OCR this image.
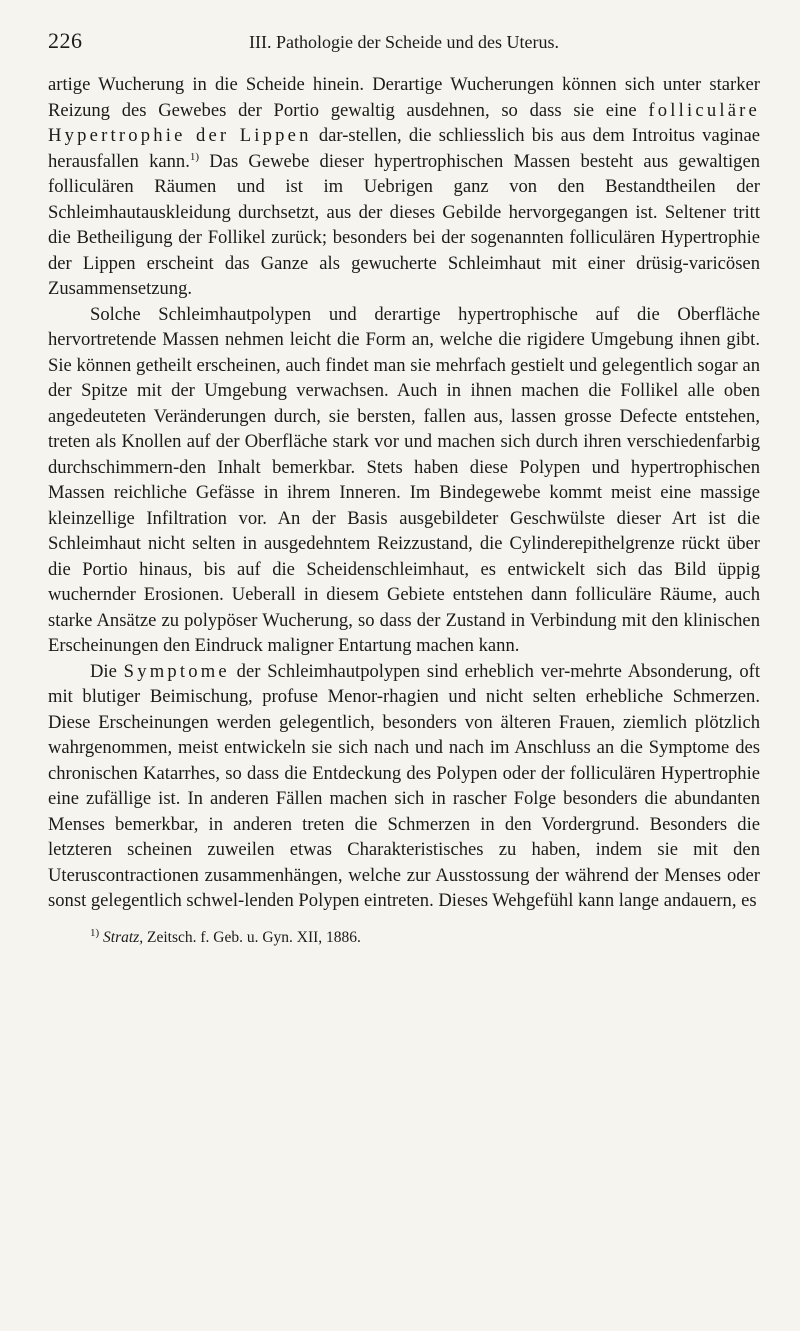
226	III. Pathologie der Scheide und des Uterus.

artige Wucherung in die Scheide hinein. Derartige Wucherungen können sich unter starker Reizung des Gewebes der Portio gewaltig ausdehnen, so dass sie eine folliculäre Hypertrophie der Lippen dar-stellen, die schliesslich bis aus dem Introitus vaginae herausfallen kann.$^{1)}$ Das Gewebe dieser hypertrophischen Massen besteht aus gewaltigen folliculären Räumen und ist im Uebrigen ganz von den Bestandtheilen der Schleimhautauskleidung durchsetzt, aus der dieses Gebilde hervorgegangen ist. Seltener tritt die Betheiligung der Follikel zurück; besonders bei der sogenannten folliculären Hypertrophie der Lippen erscheint das Ganze als gewucherte Schleimhaut mit einer drüsig-varicösen Zusammensetzung.

Solche Schleimhautpolypen und derartige hypertrophische auf die Oberfläche hervortretende Massen nehmen leicht die Form an, welche die rigidere Umgebung ihnen gibt. Sie können getheilt erscheinen, auch findet man sie mehrfach gestielt und gelegentlich sogar an der Spitze mit der Umgebung verwachsen. Auch in ihnen machen die Follikel alle oben angedeuteten Veränderungen durch, sie bersten, fallen aus, lassen grosse Defecte entstehen, treten als Knollen auf der Oberfläche stark vor und machen sich durch ihren verschiedenfarbig durchschimmern-den Inhalt bemerkbar. Stets haben diese Polypen und hypertrophischen Massen reichliche Gefässe in ihrem Inneren. Im Bindegewebe kommt meist eine massige kleinzellige Infiltration vor. An der Basis ausgebildeter Geschwülste dieser Art ist die Schleimhaut nicht selten in ausgedehntem Reizzustand, die Cylinderepithelgrenze rückt über die Portio hinaus, bis auf die Scheidenschleimhaut, es entwickelt sich das Bild üppig wuchernder Erosionen. Ueberall in diesem Gebiete entstehen dann folliculäre Räume, auch starke Ansätze zu polypöser Wucherung, so dass der Zustand in Verbindung mit den klinischen Erscheinungen den Eindruck maligner Entartung machen kann.

Die Symptome der Schleimhautpolypen sind erheblich ver-mehrte Absonderung, oft mit blutiger Beimischung, profuse Menor-rhagien und nicht selten erhebliche Schmerzen. Diese Erscheinungen werden gelegentlich, besonders von älteren Frauen, ziemlich plötzlich wahrgenommen, meist entwickeln sie sich nach und nach im Anschluss an die Symptome des chronischen Katarrhes, so dass die Entdeckung des Polypen oder der folliculären Hypertrophie eine zufällige ist. In anderen Fällen machen sich in rascher Folge besonders die abundanten Menses bemerkbar, in anderen treten die Schmerzen in den Vordergrund. Besonders die letzteren scheinen zuweilen etwas Charakteristisches zu haben, indem sie mit den Uteruscontractionen zusammenhängen, welche zur Ausstossung der während der Menses oder sonst gelegentlich schwel-lenden Polypen eintreten. Dieses Wehgefühl kann lange andauern, es

$^{1)}$ Stratz, Zeitsch. f. Geb. u. Gyn. XII, 1886.
